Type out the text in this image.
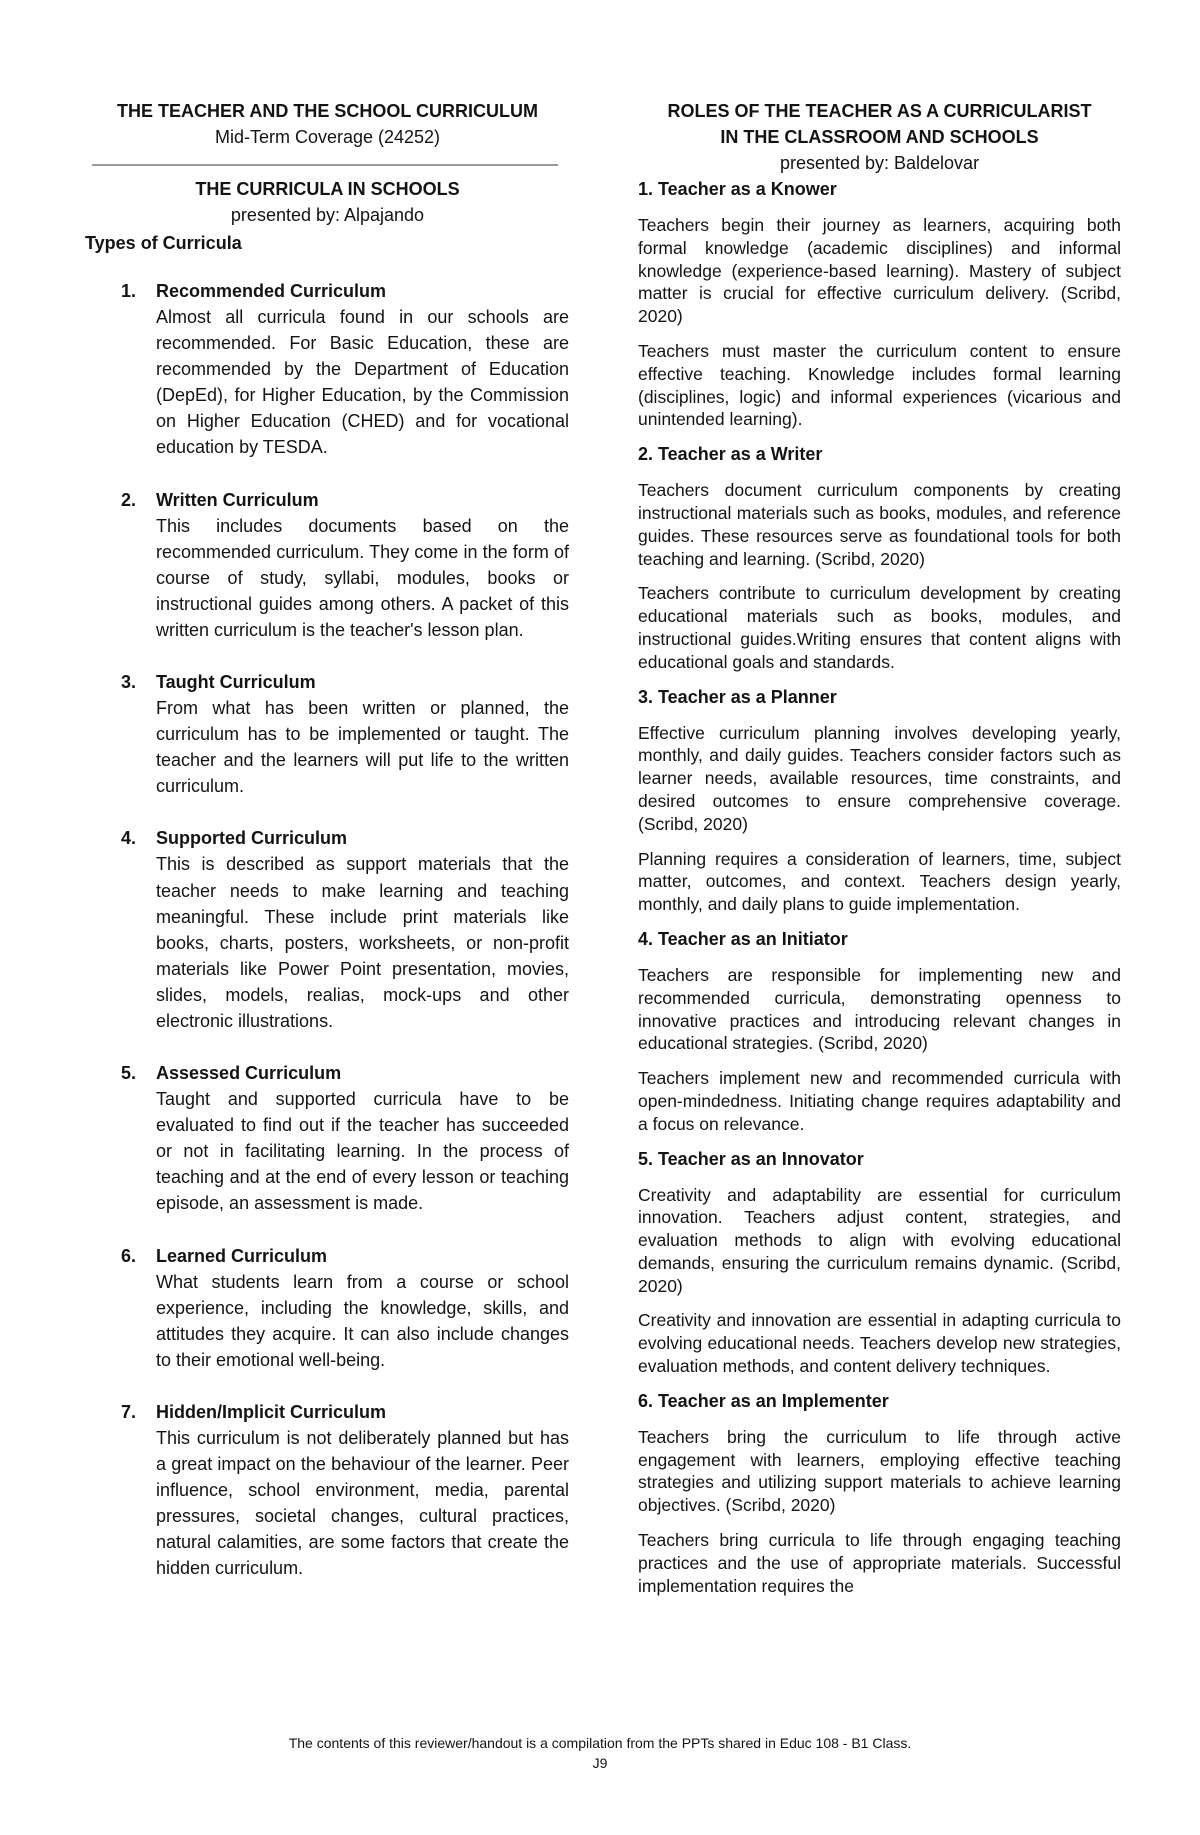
THE TEACHER AND THE SCHOOL CURRICULUM
Mid-Term Coverage (24252)
THE CURRICULA IN SCHOOLS
presented by: Alpajando
Types of Curricula
1.	Recommended Curriculum

Almost all curricula found in our schools are recommended. For Basic Education, these are recommended by the Department of Education (DepEd), for Higher Education, by the Commission on Higher Education (CHED) and for vocational education by TESDA.

2.	Written Curriculum

This includes documents based on the recommended curriculum. They come in the form of course of study, syllabi, modules, books or instructional guides among others. A packet of this written curriculum is the teacher's lesson plan.

3.	Taught Curriculum

From what has been written or planned, the curriculum has to be implemented or taught. The teacher and the learners will put life to the written curriculum.

4.	Supported Curriculum

This is described as support materials that the teacher needs to make learning and teaching meaningful. These include print materials like books, charts, posters, worksheets, or non-profit materials like Power Point presentation, movies, slides, models, realias, mock-ups and other electronic illustrations.

5.	Assessed Curriculum

Taught and supported curricula have to be evaluated to find out if the teacher has succeeded or not in facilitating learning. In the process of teaching and at the end of every lesson or teaching episode, an assessment is made.

6.	Learned Curriculum

What students learn from a course or school experience, including the knowledge, skills, and attitudes they acquire. It can also include changes to their emotional well-being.

7.	Hidden/Implicit Curriculum

This curriculum is not deliberately planned but has a great impact on the behaviour of the learner. Peer influence, school environment, media, parental pressures, societal changes, cultural practices, natural calamities, are some factors that create the hidden curriculum.

ROLES OF THE TEACHER AS A CURRICULARIST
IN THE CLASSROOM AND SCHOOLS
presented by: Baldelovar
1. Teacher as a Knower

Teachers begin their journey as learners, acquiring both formal knowledge (academic disciplines) and informal knowledge (experience-based learning). Mastery of subject matter is crucial for effective curriculum delivery. (Scribd, 2020)

Teachers must master the curriculum content to ensure effective teaching. Knowledge includes formal learning (disciplines, logic) and informal experiences (vicarious and unintended learning).

2. Teacher as a Writer

Teachers document curriculum components by creating instructional materials such as books, modules, and reference guides. These resources serve as foundational tools for both teaching and learning. (Scribd, 2020)

Teachers contribute to curriculum development by creating educational materials such as books, modules, and instructional guides.Writing ensures that content aligns with educational goals and standards.

3. Teacher as a Planner

Effective curriculum planning involves developing yearly, monthly, and daily guides. Teachers consider factors such as learner needs, available resources, time constraints, and desired outcomes to ensure comprehensive coverage. (Scribd, 2020)

Planning requires a consideration of learners, time, subject matter, outcomes, and context. Teachers design yearly, monthly, and daily plans to guide implementation.

4. Teacher as an Initiator

Teachers are responsible for implementing new and recommended curricula, demonstrating openness to innovative practices and introducing relevant changes in educational strategies. (Scribd, 2020)

Teachers implement new and recommended curricula with open-mindedness. Initiating change requires adaptability and a focus on relevance.

5. Teacher as an Innovator

Creativity and adaptability are essential for curriculum innovation. Teachers adjust content, strategies, and evaluation methods to align with evolving educational demands, ensuring the curriculum remains dynamic. (Scribd, 2020)

Creativity and innovation are essential in adapting curricula to evolving educational needs. Teachers develop new strategies, evaluation methods, and content delivery techniques.

6. Teacher as an Implementer

Teachers bring the curriculum to life through active engagement with learners, employing effective teaching strategies and utilizing support materials to achieve learning objectives. (Scribd, 2020)

Teachers bring curricula to life through engaging teaching practices and the use of appropriate materials. Successful implementation requires the

The contents of this reviewer/handout is a compilation from the PPTs shared in Educ 108 - B1 Class.
J9
